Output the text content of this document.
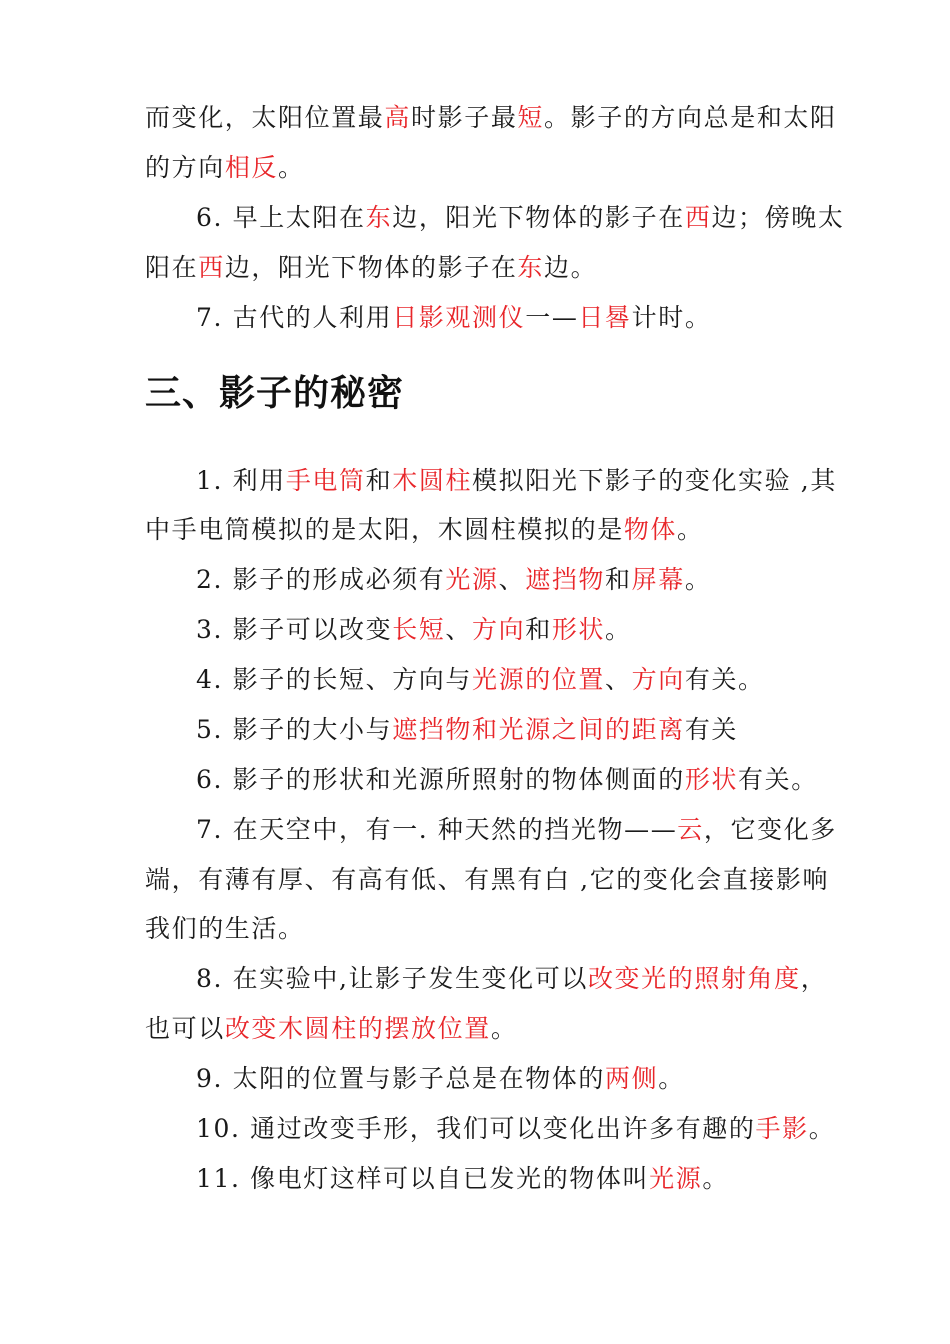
而变化，太阳位置最高时影子最短。影子的方向总是和太阳
的方向相反。
6. 早上太阳在东边，阳光下物体的影子在西边；傍晚太
阳在西边，阳光下物体的影子在东边。
7. 古代的人利用日影观测仪一—日晷计时。
三、影子的秘密
1. 利用手电筒和木圆柱模拟阳光下影子的变化实验 ,其
中手电筒模拟的是太阳，木圆柱模拟的是物体。
2. 影子的形成必须有光源、遮挡物和屏幕。
3. 影子可以改变长短、方向和形状。
4. 影子的长短、方向与光源的位置、方向有关。
5. 影子的大小与遮挡物和光源之间的距离有关
6. 影子的形状和光源所照射的物体侧面的形状有关。
7. 在天空中，有一. 种天然的挡光物——云，它变化多
端，有薄有厚、有高有低、有黑有白 ,它的变化会直接影响
我们的生活。
8. 在实验中,让影子发生变化可以改变光的照射角度，
也可以改变木圆柱的摆放位置。
9. 太阳的位置与影子总是在物体的两侧。
10. 通过改变手形，我们可以变化出许多有趣的手影。
11. 像电灯这样可以自已发光的物体叫光源。
